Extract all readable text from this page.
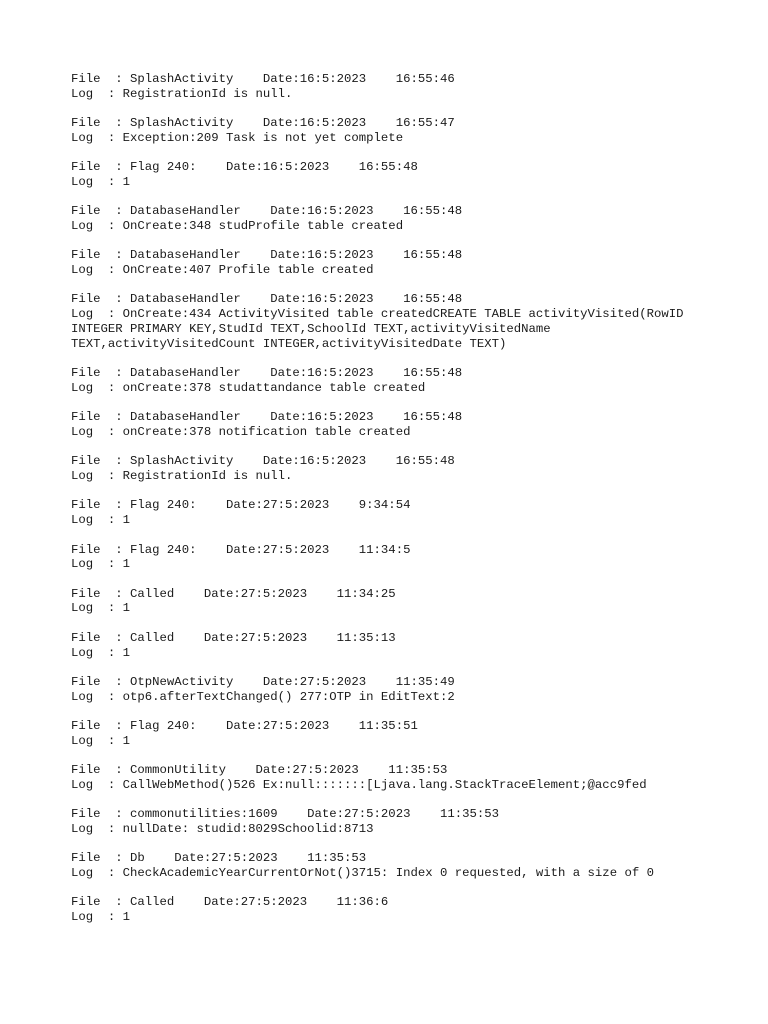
File  : SplashActivity    Date:16:5:2023    16:55:46
Log  : RegistrationId is null.
File  : SplashActivity    Date:16:5:2023    16:55:47
Log  : Exception:209 Task is not yet complete
File  : Flag 240:    Date:16:5:2023    16:55:48
Log  : 1
File  : DatabaseHandler    Date:16:5:2023    16:55:48
Log  : OnCreate:348 studProfile table created
File  : DatabaseHandler    Date:16:5:2023    16:55:48
Log  : OnCreate:407 Profile table created
File  : DatabaseHandler    Date:16:5:2023    16:55:48
Log  : OnCreate:434 ActivityVisited table createdCREATE TABLE activityVisited(RowID
INTEGER PRIMARY KEY,StudId TEXT,SchoolId TEXT,activityVisitedName
TEXT,activityVisitedCount INTEGER,activityVisitedDate TEXT)
File  : DatabaseHandler    Date:16:5:2023    16:55:48
Log  : onCreate:378 studattandance table created
File  : DatabaseHandler    Date:16:5:2023    16:55:48
Log  : onCreate:378 notification table created
File  : SplashActivity    Date:16:5:2023    16:55:48
Log  : RegistrationId is null.
File  : Flag 240:    Date:27:5:2023    9:34:54
Log  : 1
File  : Flag 240:    Date:27:5:2023    11:34:5
Log  : 1
File  : Called    Date:27:5:2023    11:34:25
Log  : 1
File  : Called    Date:27:5:2023    11:35:13
Log  : 1
File  : OtpNewActivity    Date:27:5:2023    11:35:49
Log  : otp6.afterTextChanged() 277:OTP in EditText:2
File  : Flag 240:    Date:27:5:2023    11:35:51
Log  : 1
File  : CommonUtility    Date:27:5:2023    11:35:53
Log  : CallWebMethod()526 Ex:null:::::::[Ljava.lang.StackTraceElement;@acc9fed
File  : commonutilities:1609    Date:27:5:2023    11:35:53
Log  : nullDate: studid:8029Schoolid:8713
File  : Db    Date:27:5:2023    11:35:53
Log  : CheckAcademicYearCurrentOrNot()3715: Index 0 requested, with a size of 0
File  : Called    Date:27:5:2023    11:36:6
Log  : 1
